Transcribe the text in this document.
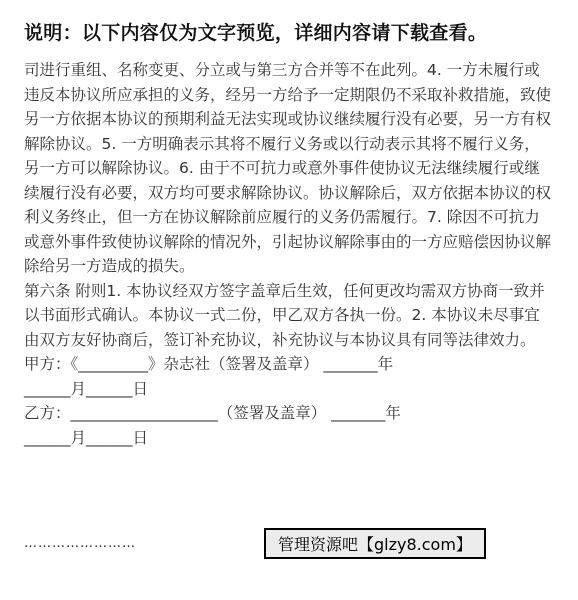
说明：以下内容仅为文字预览，详细内容请下载查看。

司进行重组、名称变更、分立或与第三方合并等不在此列。4. 一方未履行或违反本协议所应承担的义务，经另一方给予一定期限仍不采取补救措施，致使另一方依据本协议的预期利益无法实现或协议继续履行没有必要，另一方有权解除协议。5. 一方明确表示其将不履行义务或以行动表示其将不履行义务，另一方可以解除协议。6. 由于不可抗力或意外事件使协议无法继续履行或继续履行没有必要，双方均可要求解除协议。协议解除后，双方依据本协议的权利义务终止，但一方在协议解除前应履行的义务仍需履行。7. 除因不可抗力或意外事件致使协议解除的情况外，引起协议解除事由的一方应赔偿因协议解除给另一方造成的损失。

第六条 附则1. 本协议经双方签字盖章后生效，任何更改均需双方协商一致并以书面形式确认。本协议一式二份，甲乙双方各执一份。2. 本协议未尽事宜由双方友好协商后，签订补充协议，补充协议与本协议具有同等法律效力。

甲方：《_________》杂志社（签署及盖章） _______年

______月______日

乙方：___________________（签署及盖章） _______年

______月______日

……………………	管理资源吧【glzy8.com】
